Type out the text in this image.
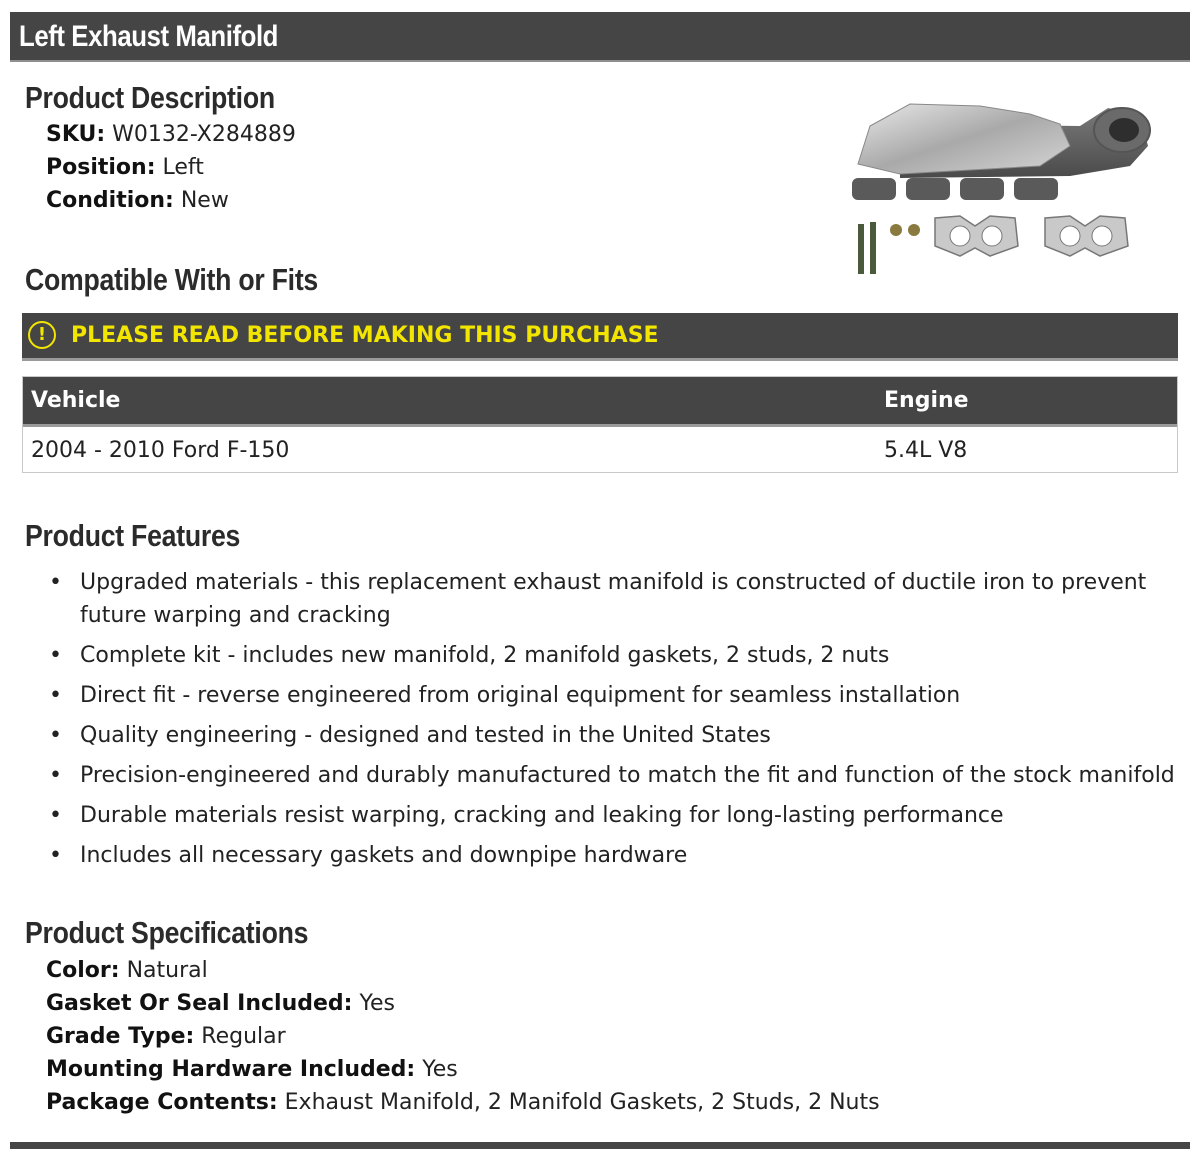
Left Exhaust Manifold
Product Description
SKU: W0132-X284889
Position: Left
Condition: New
Compatible With or Fits
!	PLEASE READ BEFORE MAKING THIS PURCHASE
Vehicle	Engine
2004 - 2010 Ford F-150	5.4L V8
Product Features
• Upgraded materials - this replacement exhaust manifold is constructed of ductile iron to prevent future warping and cracking
• Complete kit - includes new manifold, 2 manifold gaskets, 2 studs, 2 nuts
• Direct fit - reverse engineered from original equipment for seamless installation
• Quality engineering - designed and tested in the United States
• Precision-engineered and durably manufactured to match the fit and function of the stock manifold
• Durable materials resist warping, cracking and leaking for long-lasting performance
• Includes all necessary gaskets and downpipe hardware
Product Specifications
Color: Natural
Gasket Or Seal Included: Yes
Grade Type: Regular
Mounting Hardware Included: Yes
Package Contents: Exhaust Manifold, 2 Manifold Gaskets, 2 Studs, 2 Nuts
